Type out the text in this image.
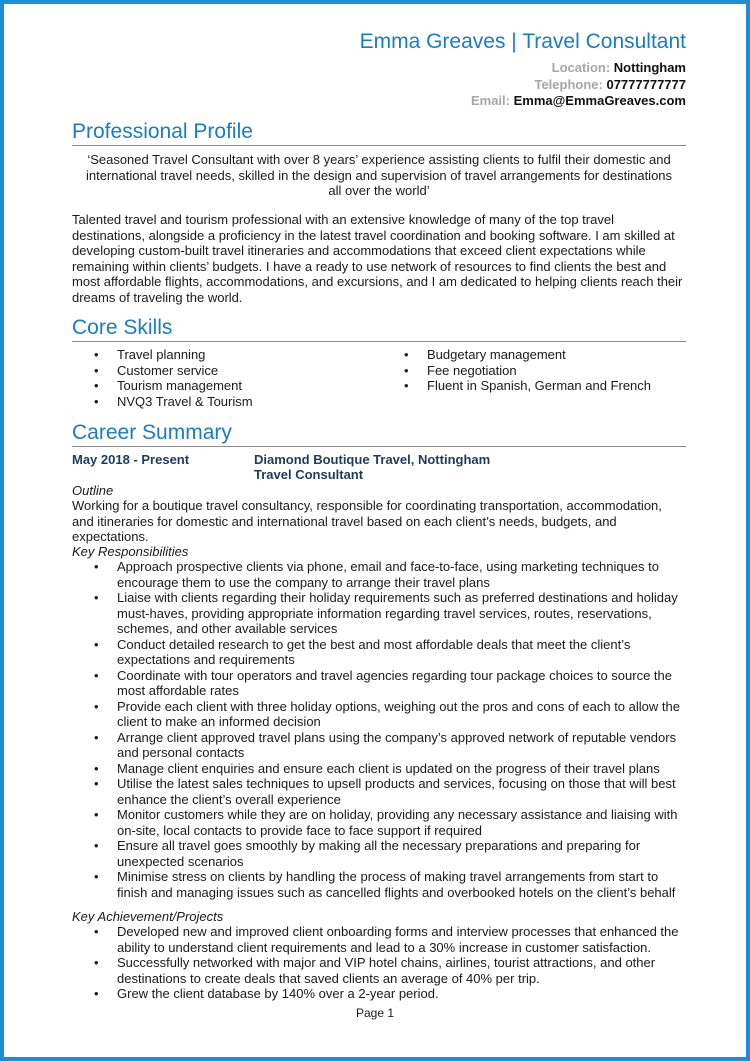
Emma Greaves | Travel Consultant
Location: Nottingham
Telephone: 07777777777
Email: Emma@EmmaGreaves.com
Professional Profile
‘Seasoned Travel Consultant with over 8 years’ experience assisting clients to fulfil their domestic and international travel needs, skilled in the design and supervision of travel arrangements for destinations all over the world’
Talented travel and tourism professional with an extensive knowledge of many of the top travel destinations, alongside a proficiency in the latest travel coordination and booking software. I am skilled at developing custom-built travel itineraries and accommodations that exceed client expectations while remaining within clients’ budgets. I have a ready to use network of resources to find clients the best and most affordable flights, accommodations, and excursions, and I am dedicated to helping clients reach their dreams of traveling the world.
Core Skills
• Travel planning
• Customer service
• Tourism management
• NVQ3 Travel & Tourism
• Budgetary management
• Fee negotiation
• Fluent in Spanish, German and French
Career Summary
May 2018 - Present	Diamond Boutique Travel, Nottingham
Travel Consultant
Outline
Working for a boutique travel consultancy, responsible for coordinating transportation, accommodation, and itineraries for domestic and international travel based on each client’s needs, budgets, and expectations.
Key Responsibilities
• Approach prospective clients via phone, email and face-to-face, using marketing techniques to encourage them to use the company to arrange their travel plans
• Liaise with clients regarding their holiday requirements such as preferred destinations and holiday must-haves, providing appropriate information regarding travel services, routes, reservations, schemes, and other available services
• Conduct detailed research to get the best and most affordable deals that meet the client’s expectations and requirements
• Coordinate with tour operators and travel agencies regarding tour package choices to source the most affordable rates
• Provide each client with three holiday options, weighing out the pros and cons of each to allow the client to make an informed decision
• Arrange client approved travel plans using the company’s approved network of reputable vendors and personal contacts
• Manage client enquiries and ensure each client is updated on the progress of their travel plans
• Utilise the latest sales techniques to upsell products and services, focusing on those that will best enhance the client’s overall experience
• Monitor customers while they are on holiday, providing any necessary assistance and liaising with on-site, local contacts to provide face to face support if required
• Ensure all travel goes smoothly by making all the necessary preparations and preparing for unexpected scenarios
• Minimise stress on clients by handling the process of making travel arrangements from start to finish and managing issues such as cancelled flights and overbooked hotels on the client’s behalf
Key Achievement/Projects
• Developed new and improved client onboarding forms and interview processes that enhanced the ability to understand client requirements and lead to a 30% increase in customer satisfaction.
• Successfully networked with major and VIP hotel chains, airlines, tourist attractions, and other destinations to create deals that saved clients an average of 40% per trip.
• Grew the client database by 140% over a 2-year period.
Page 1
